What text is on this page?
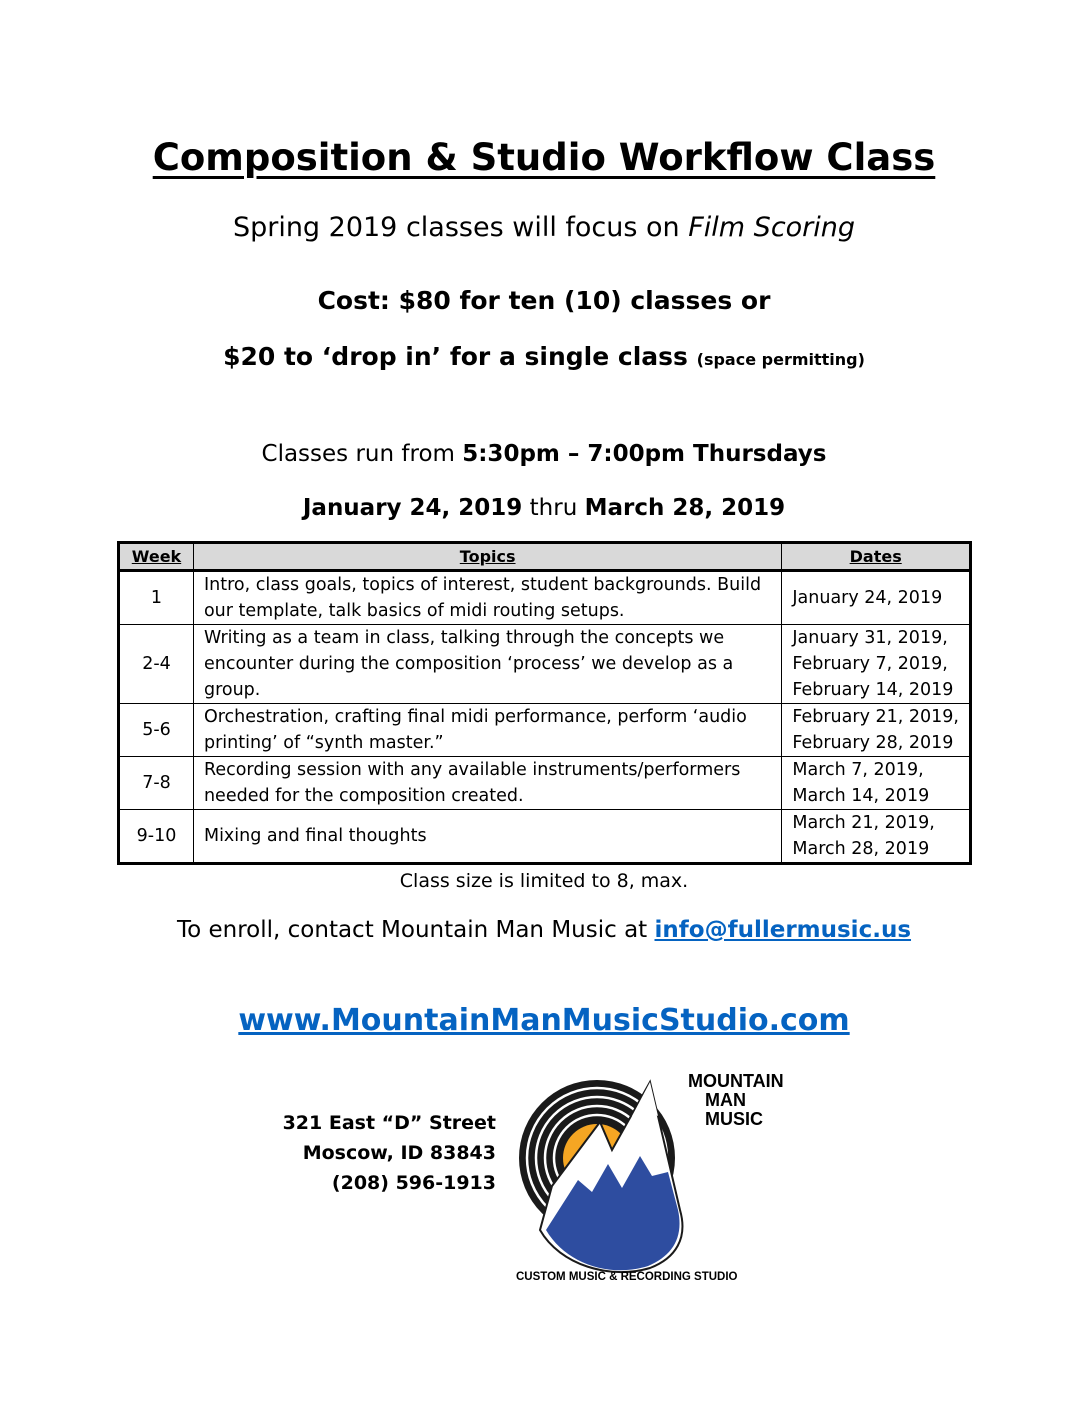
Composition & Studio Workflow Class
Spring 2019 classes will focus on Film Scoring
Cost: $80 for ten (10) classes or
$20 to ‘drop in’ for a single class (space permitting)
Classes run from 5:30pm – 7:00pm Thursdays
January 24, 2019 thru March 28, 2019
Week	Topics	Dates
1	Intro, class goals, topics of interest, student backgrounds. Build our template, talk basics of midi routing setups.	January 24, 2019

2-4	Writing as a team in class, talking through the concepts we encounter during the composition ‘process’ we develop as a group.	January 31, 2019,
February 7, 2019,
February 14, 2019

5-6	Orchestration, crafting final midi performance, perform ‘audio printing’ of “synth master.”	February 21, 2019,
February 28, 2019

7-8	Recording session with any available instruments/performers needed for the composition created.	March 7, 2019,
March 14, 2019

9-10	Mixing and final thoughts	March 21, 2019,
March 28, 2019
Class size is limited to 8, max.
To enroll, contact Mountain Man Music at info@fullermusic.us
www.MountainManMusicStudio.com
321 East “D” Street
Moscow, ID 83843
(208) 596-1913
MOUNTAIN
MAN
MUSIC
CUSTOM MUSIC & RECORDING STUDIO
